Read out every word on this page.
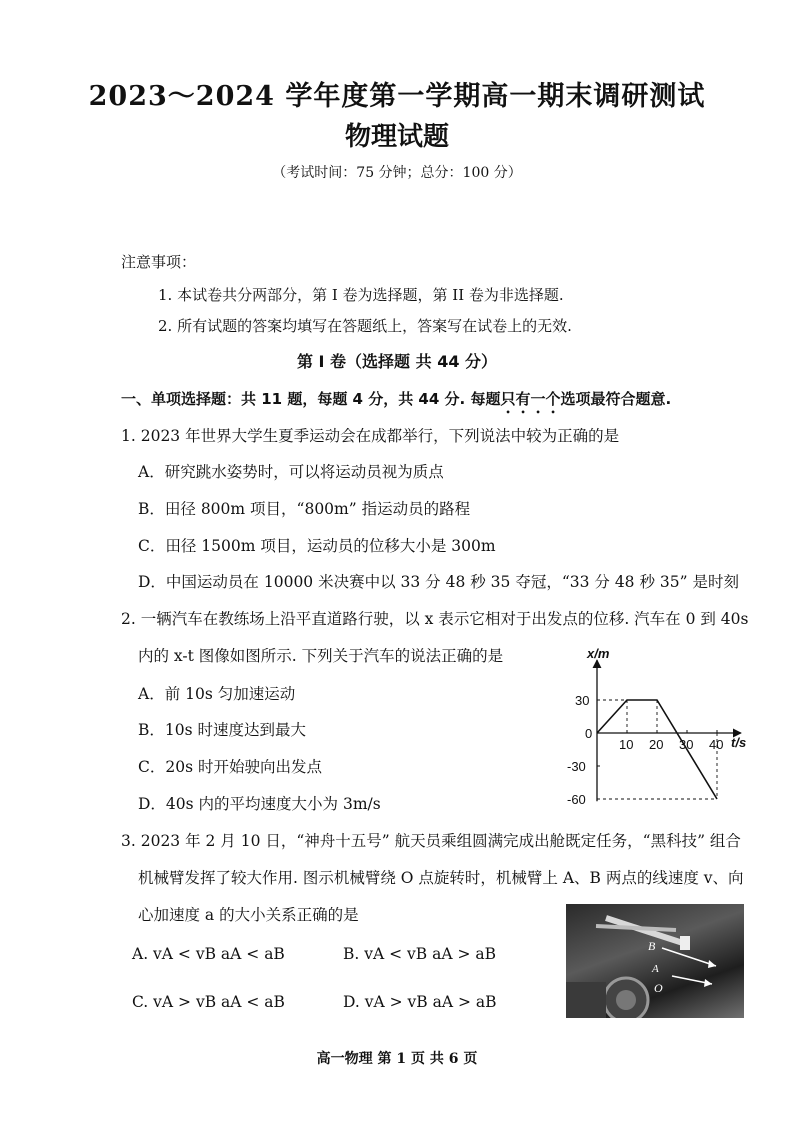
2023～2024 学年度第一学期高一期末调研测试
物理试题
（考试时间：75 分钟；总分：100 分）
注意事项：
1. 本试卷共分两部分，第 I 卷为选择题，第 II 卷为非选择题.
2. 所有试题的答案均填写在答题纸上，答案写在试卷上的无效.
第 I 卷（选择题 共 44 分）
一、单项选择题：共 11 题，每题 4 分，共 44 分. 每题只有一个选项最符合题意.
1. 2023 年世界大学生夏季运动会在成都举行，下列说法中较为正确的是
A．研究跳水姿势时，可以将运动员视为质点
B．田径 800m 项目，“800m” 指运动员的路程
C．田径 1500m 项目，运动员的位移大小是 300m
D．中国运动员在 10000 米决赛中以 33 分 48 秒 35 夺冠，“33 分 48 秒 35” 是时刻
2. 一辆汽车在教练场上沿平直道路行驶，以 x 表示它相对于出发点的位移. 汽车在 0 到 40s
内的 x-t 图像如图所示. 下列关于汽车的说法正确的是
A．前 10s 匀加速运动
B．10s 时速度达到最大
C．20s 时开始驶向出发点
D．40s 内的平均速度大小为 3m/s
x/m
t/s
0
10 20 30 40
30
-30
-60
3. 2023 年 2 月 10 日，“神舟十五号” 航天员乘组圆满完成出舱既定任务，“黑科技” 组合
机械臂发挥了较大作用. 图示机械臂绕 O 点旋转时，机械臂上 A、B 两点的线速度 v、向
心加速度 a 的大小关系正确的是
A. vA < vB aA < aB	B. vA < vB aA > aB
C. vA > vB aA < aB	D. vA > vB aA > aB
B
A
O
高一物理 第 1 页 共 6 页
